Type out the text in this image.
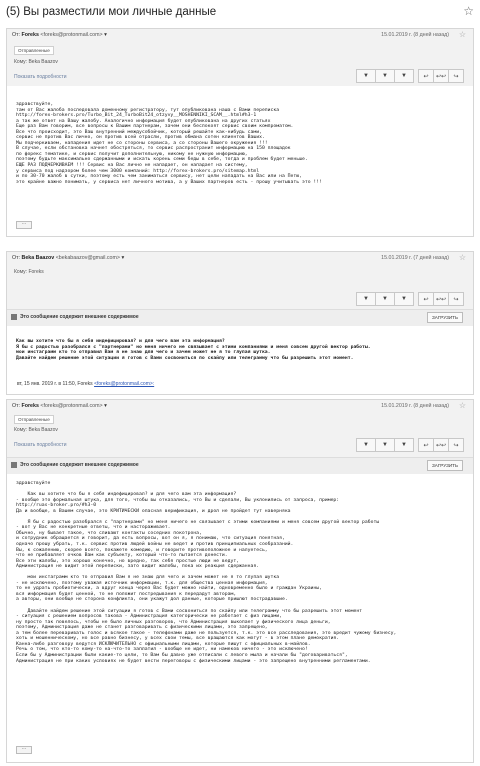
(5) Вы разместили мои личные данные	☆
От: Foreks <foreks@protonmail.com> ▾	15.01.2019 г. (8 дней назад) ☆
Отправленные
Кому: Beka Baazov
Показать подробности	▼ ▼ ▼	↩ ↩↩ ↪
здравствуйте,
там от Вас жалоба последовала доменному регистратору, тут опубликована наша с Вами переписка
http://forex-brokers.pro/Turbo_Bit_24_TurboBit24_otzyvy__MOSHENNIKI_SCAM__.html#h3-1
а так же ответ на Вашу жалобу. Аналогично информация будет опубликована на других статьях
Еще раз Вам говорим, все вопросы к Вашим партнерам, зачем они беспокоят сервис своим компроматом.
Все что происходит, это Ваш внутренний междусобойчик, который решайте как-нибудь сами,
сервис не против Вас лично, он против всей отрасли, против обмана сотен клиентов Ваших.
Мы подчеркиваем, нападения идет не со стороны сервиса, а со стороны Вашего окружения !!!
В случае, если обстановка начнет обостряться, то сервис распространит информацию на 150 площадок
по форекс тематике, и сервис получит дополнительную, никому не нужную информацию,
поэтому будьте максимально сдержанными и искать корень семи беды в себе, тогда и проблем будет меньше.
ЕЩЕ РАЗ ПОДЧЕРКИВАЕМ !!! Сервис на Вас лично не нападает, он нападает на систему,
у сервиса под надзором более чем 3000 компаний: http://forex-brokers.pro/sitemap.html
и по 30-70 жалоб в сутки, поэтому есть чем заниматься сервису, нет цели нападать на Вас или на Петю,
это крайне важно понимать, у сервиса нет личного мотива, а у Ваших партнеров есть - прошу учитывать это !!!
···
От: Beka Baazov <bekabaazov@gmail.com> ▾	15.01.2019 г. (7 дней назад) ☆
Кому: Foreks
▼ ▼ ▼	↩ ↩↩ ↪
Это сообщение содержит внешнее содержимое	ЗАГРУЗИТЬ
Как вы хотите что бы я себя индефицировал? и для чего вам эта информация?
Я бы с радостью разобрался с "партнерами" но меня ничего не связывает с этими компаниями и меня совсем другой вектор работы.
мои инстаграмм кто то отправил Вам я не знаю для чего и зачем может не я то глупая шутка.
Давайте найдем решение этой ситуации я готов с Вами сосвониться по скайпу или телеграмму что бы разрешить этот момент.
вт, 15 янв. 2019 г. в 11:50, Foreks <foreks@protonmail.com>:
От: Foreks <foreks@protonmail.com> ▾	15.01.2019 г. (8 дней назад) ☆
Отправленные
Кому: Beka Baazov
Показать подробности	▼ ▼ ▼	↩ ↩↩ ↪
Это сообщение содержит внешнее содержимое	ЗАГРУЗИТЬ
здравствуйте

Как вы хотите что бы я себя индефицировал? и для чего вам эта информация?
- вообще это формальная штука, для того, чтобы вы отказались, что Вы и сделали, Вы уклонились от запроса, пример:
http://ruas-broker.pro/#h3-0
Да и вообще, в Вашем случае, это КРИТИЧЕСКИ опасная верификация, и дрол не пройдет тут наверняка

Я бы с радостью разобрался с "партнерами" но меня ничего не связывает с этими компаниями и меня совсем другой вектор работы
- вот у Вас не конкретные ответы, что и настораживает.
Обычно, ну бывает такое, что сливают контакты соседних покотрона,
и сотрудник обращается и говорит, да есть вопросы, вот он я, я понимаю, что ситуация понятная,
одначо прошу убрать, т.к. сервис против людей войны не ведет и против принципиальных сообразаний.
Вы, к сожалению, скорее всего, покажете комедию, и говорите противоположное и налуетесь,
что не прибавляет очков Вам как субъекту, который что-то пытается донести.
Все эти жалобы, это хорошо конечно, но вредно, так себя простые люди не ведут,
Администрация не видит этой переписки, зато видит жалобы, пока их реакция сдержанная.

мои инстаграмм кто то отправил Вам я не знаю для чего и зачем может не я то глупая шутка
- не исключено, поэтому уважая источник информации, т.к. для общества ценная информация,
то не удрать пробиотически, а вдруг конца через Вас будет можно найти, одновременно было и граждан Украины,
вся информация будет ценной, то не положит постредывания к передадут авторам,
а авторы, они вообще не сторона конфликта, они укажут дол данные, которые пришлют пострадавшие.

Давайте найдем решение этой ситуации я готов с Вами сосвониться по скайпу или телеграмму что бы разрешить этот момент
- ситуация с решением вопросов такова - Администрация категорически не работает с физ лицами,
ну просто так повелось, чтобы не было личных разговоров, что Администрация выкопает у физического лица деньги,
поэтому, Администрация даже не станет разговаривать с физическими лицами, это запрещено,
а тем более переваривать голос и всякое такое - телефонами даже не пользуется, т.к. это все расследования, это вредит чужому бизнесу,
хоть и мошенническому, но все равно бизнесу, у всех свои темы, все вращаются как могут - в этом плане демократия.
Канна-либо разговору ведутся ИСКЛЮЧИТЕЛЬНО с официальными лицами, которые пишут с официальных в-майлов.
Речь о том, что кто-то кому-то на-что-то заплатил - вообще не идет, ни намеков ничего - это исключено!
Если бы у Администрации были какие-то цели, то Вам бы давно уже отписали с левого мыла и начали бы "договариваться",
Администрация не при каких условиях не будет вести переговоры с физическими лицами - это запрещено внутренними регламентами.
···
